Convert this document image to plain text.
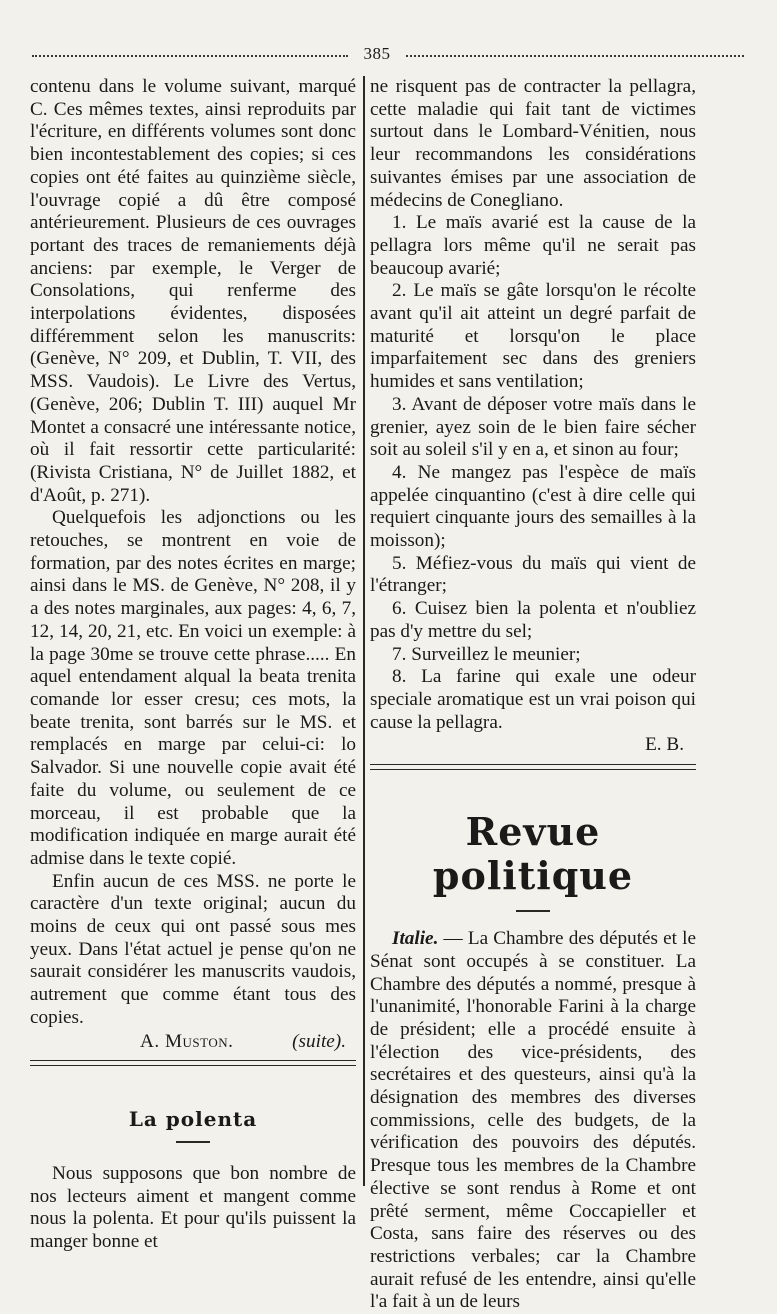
385

contenu dans le volume suivant, marqué C. Ces mêmes textes, ainsi reproduits par l'écriture, en différents volumes sont donc bien incontestablement des copies; si ces copies ont été faites au quinzième siècle, l'ouvrage copié a dû être composé antérieurement. Plusieurs de ces ouvrages portant des traces de remaniements déjà anciens: par exemple, le Verger de Consolations, qui renferme des interpolations évidentes, disposées différemment selon les manuscrits: (Genève, N° 209, et Dublin, T. VII, des MSS. Vaudois). Le Livre des Vertus, (Genève, 206; Dublin T. III) auquel Mr Montet a consacré une intéressante notice, où il fait ressortir cette particularité: (Rivista Cristiana, N° de Juillet 1882, et d'Août, p. 271).

Quelquefois les adjonctions ou les retouches, se montrent en voie de formation, par des notes écrites en marge; ainsi dans le MS. de Genève, N° 208, il y a des notes marginales, aux pages: 4, 6, 7, 12, 14, 20, 21, etc. En voici un exemple: à la page 30me se trouve cette phrase..... En aquel entendament alqual la beata trenita comande lor esser cresu; ces mots, la beate trenita, sont barrés sur le MS. et remplacés en marge par celui-ci: lo Salvador. Si une nouvelle copie avait été faite du volume, ou seulement de ce morceau, il est probable que la modification indiquée en marge aurait été admise dans le texte copié.

Enfin aucun de ces MSS. ne porte le caractère d'un texte original; aucun du moins de ceux qui ont passé sous mes yeux. Dans l'état actuel je pense qu'on ne saurait considérer les manuscrits vaudois, autrement que comme étant tous des copies.

A. Muston.	(suite).
La polenta

Nous supposons que bon nombre de nos lecteurs aiment et mangent comme nous la polenta. Et pour qu'ils puissent la manger bonne et

ne risquent pas de contracter la pellagra, cette maladie qui fait tant de victimes surtout dans le Lombard-Vénitien, nous leur recommandons les considérations suivantes émises par une association de médecins de Conegliano.

1. Le maïs avarié est la cause de la pellagra lors même qu'il ne serait pas beaucoup avarié;

2. Le maïs se gâte lorsqu'on le récolte avant qu'il ait atteint un degré parfait de maturité et lorsqu'on le place imparfaitement sec dans des greniers humides et sans ventilation;

3. Avant de déposer votre maïs dans le grenier, ayez soin de le bien faire sécher soit au soleil s'il y en a, et sinon au four;

4. Ne mangez pas l'espèce de maïs appelée cinquantino (c'est à dire celle qui requiert cinquante jours des semailles à la moisson);

5. Méfiez-vous du maïs qui vient de l'étranger;

6. Cuisez bien la polenta et n'oubliez pas d'y mettre du sel;

7. Surveillez le meunier;

8. La farine qui exale une odeur speciale aromatique est un vrai poison qui cause la pellagra.

E. B.
Revue politique

Italie. — La Chambre des députés et le Sénat sont occupés à se constituer. La Chambre des députés a nommé, presque à l'unanimité, l'honorable Farini à la charge de président; elle a procédé ensuite à l'élection des vice-présidents, des secrétaires et des questeurs, ainsi qu'à la désignation des membres des diverses commissions, celle des budgets, de la vérification des pouvoirs des députés. Presque tous les membres de la Chambre élective se sont rendus à Rome et ont prêté serment, même Coccapieller et Costa, sans faire des réserves ou des restrictions verbales; car la Chambre aurait refusé de les entendre, ainsi qu'elle l'a fait à un de leurs
